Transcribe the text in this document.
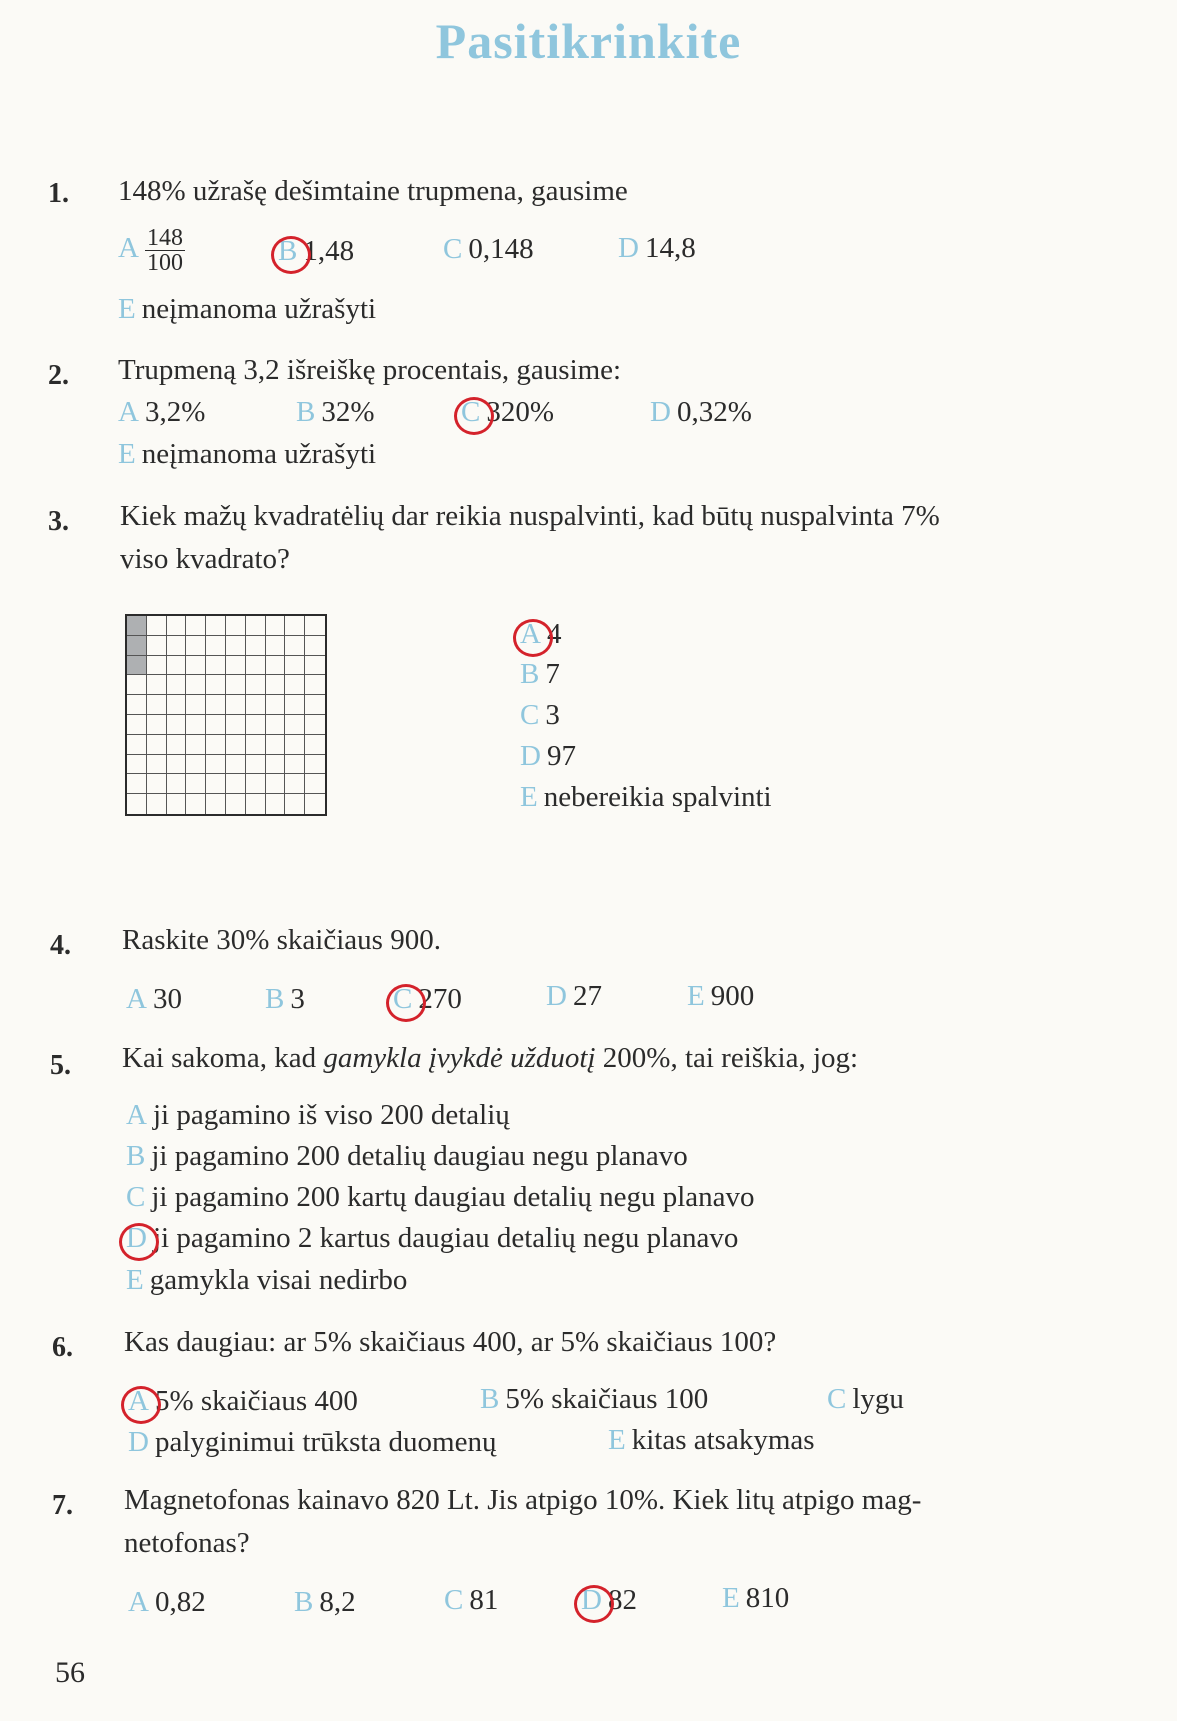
Pasitikrinkite
1. 148% užrašę dešimtaine trupmena, gausime
A $\frac{148}{100}$	B 1,48	C 0,148	D 14,8
E neįmanoma užrašyti
2. Trupmeną 3,2 išreiškę procentais, gausime:
A 3,2%	B 32%	C 320%	D 0,32%
E neįmanoma užrašyti
3. Kiek mažų kvadratėlių dar reikia nuspalvinti, kad būtų nuspalvinta 7%
viso kvadrato?
A 4
B 7
C 3
D 97
E nebereikia spalvinti
4. Raskite 30% skaičiaus 900.
A 30	B 3	C 270	D 27	E 900
5. Kai sakoma, kad gamykla įvykdė užduotį 200%, tai reiškia, jog:
A ji pagamino iš viso 200 detalių
B ji pagamino 200 detalių daugiau negu planavo
C ji pagamino 200 kartų daugiau detalių negu planavo
D ji pagamino 2 kartus daugiau detalių negu planavo
E gamykla visai nedirbo
6. Kas daugiau: ar 5% skaičiaus 400, ar 5% skaičiaus 100?
A 5% skaičiaus 400	B 5% skaičiaus 100	C lygu
D palyginimui trūksta duomenų	E kitas atsakymas
7. Magnetofonas kainavo 820 Lt. Jis atpigo 10%. Kiek litų atpigo mag-
netofonas?
A 0,82	B 8,2	C 81	D 82	E 810
56
